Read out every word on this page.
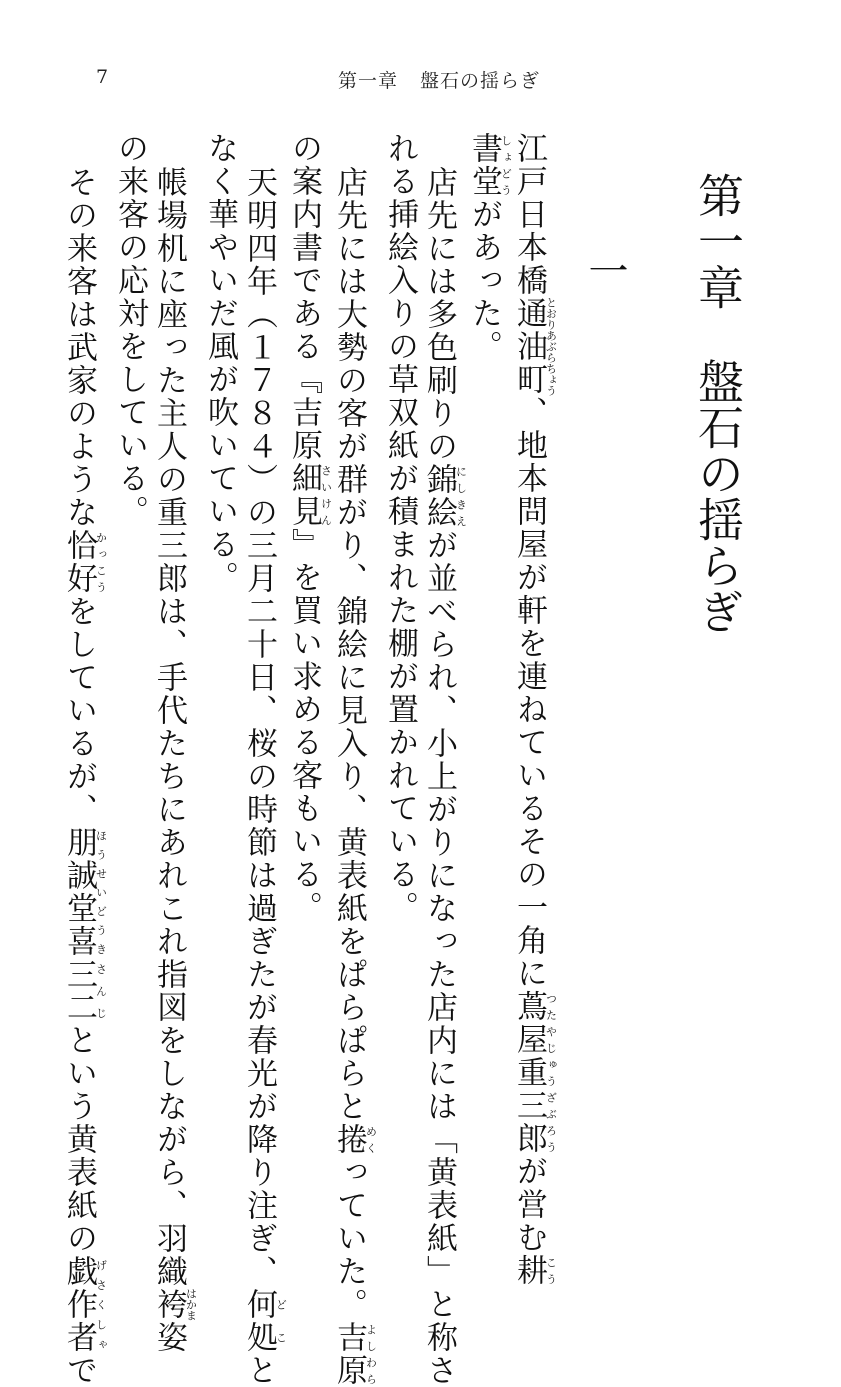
7	第一章 盤石の揺らぎ
第一章盤石の揺らぎ
一
江戸日本橋通油町とおりあぶらちょう、地本問屋が軒を連ねているその一角に蔦屋重三郎つたやじゅうざぶろうが営む耕こう
書堂しょどうがあった。
店先には多色刷りの錦絵にしきえが並べられ、小上がりになった店内には「黄表紙」と称さ
れる挿絵入りの草双紙が積まれた棚が置かれている。
店先には大勢の客が群がり、錦絵に見入り、黄表紙をぱらぱらと捲めくっていた。吉原よしわら
の案内書である『吉原細見さいけん』を買い求める客もいる。
天明四年（１７８４）の三月二十日、桜の時節は過ぎたが春光が降り注ぎ、何処どこと
なく華やいだ風が吹いている。
帳場机に座った主人の重三郎は、手代たちにあれこれ指図をしながら、羽織袴はかま姿
の来客の応対をしている。
その来客は武家のような恰好かっこうをしているが、朋誠堂喜ほうせいどうき三二さんじという黄表紙の戯作者げさくしゃで
